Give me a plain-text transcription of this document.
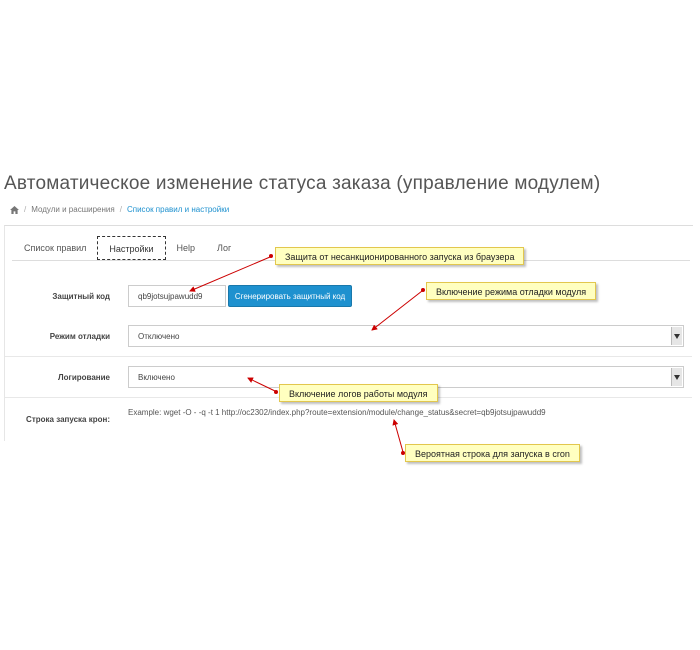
Автоматическое изменение статуса заказа (управление модулем)
/ Модули и расширения / Список правил и настройки
Список правил	Настройки	Help	Лог
Защитный код	qb9jotsujpawudd9	Сгенерировать защитный код
Режим отладки	Отключено
Логирование	Включено
Строка запуска крон:
Example: wget -O - -q -t 1 http://oc2302/index.php?route=extension/module/change_status&secret=qb9jotsujpawudd9
Защита от несанкционированного запуска из браузера
Включение режима отладки модуля
Включение логов работы модуля
Вероятная строка для запуска в cron
